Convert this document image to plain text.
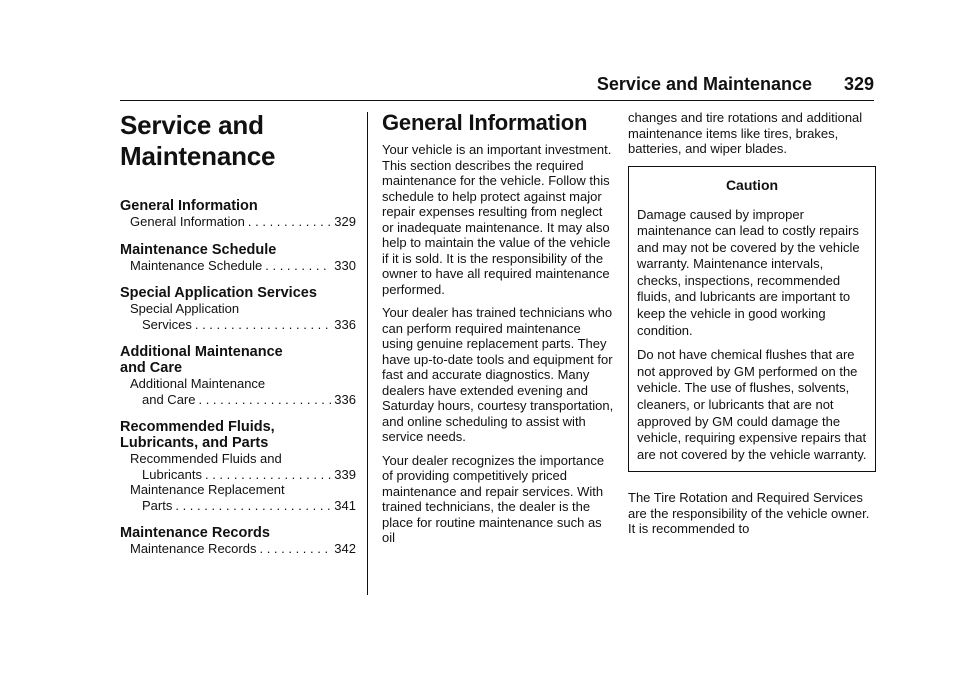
Service and Maintenance 329
Service and
Maintenance
General Information
General Information . . .	329
Maintenance Schedule
Maintenance Schedule . . .	330
Special Application Services
Special Application
Services . . .	336
Additional Maintenance
and Care
Additional Maintenance
and Care . . .	336
Recommended Fluids,
Lubricants, and Parts
Recommended Fluids and
Lubricants . . .	339
Maintenance Replacement
Parts . . .	341
Maintenance Records
Maintenance Records . . .	342
General Information

Your vehicle is an important investment. This section describes the required maintenance for the vehicle. Follow this schedule to help protect against major repair expenses resulting from neglect or inadequate maintenance. It may also help to maintain the value of the vehicle if it is sold. It is the responsibility of the owner to have all required maintenance performed.

Your dealer has trained technicians who can perform required maintenance using genuine replacement parts. They have up-to-date tools and equipment for fast and accurate diagnostics. Many dealers have extended evening and Saturday hours, courtesy transportation, and online scheduling to assist with service needs.

Your dealer recognizes the importance of providing competitively priced maintenance and repair services. With trained technicians, the dealer is the place for routine maintenance such as oil

changes and tire rotations and additional maintenance items like tires, brakes, batteries, and wiper blades.

Caution

Damage caused by improper maintenance can lead to costly repairs and may not be covered by the vehicle warranty. Maintenance intervals, checks, inspections, recommended fluids, and lubricants are important to keep the vehicle in good working condition.

Do not have chemical flushes that are not approved by GM performed on the vehicle. The use of flushes, solvents, cleaners, or lubricants that are not approved by GM could damage the vehicle, requiring expensive repairs that are not covered by the vehicle warranty.

The Tire Rotation and Required Services are the responsibility of the vehicle owner. It is recommended to
